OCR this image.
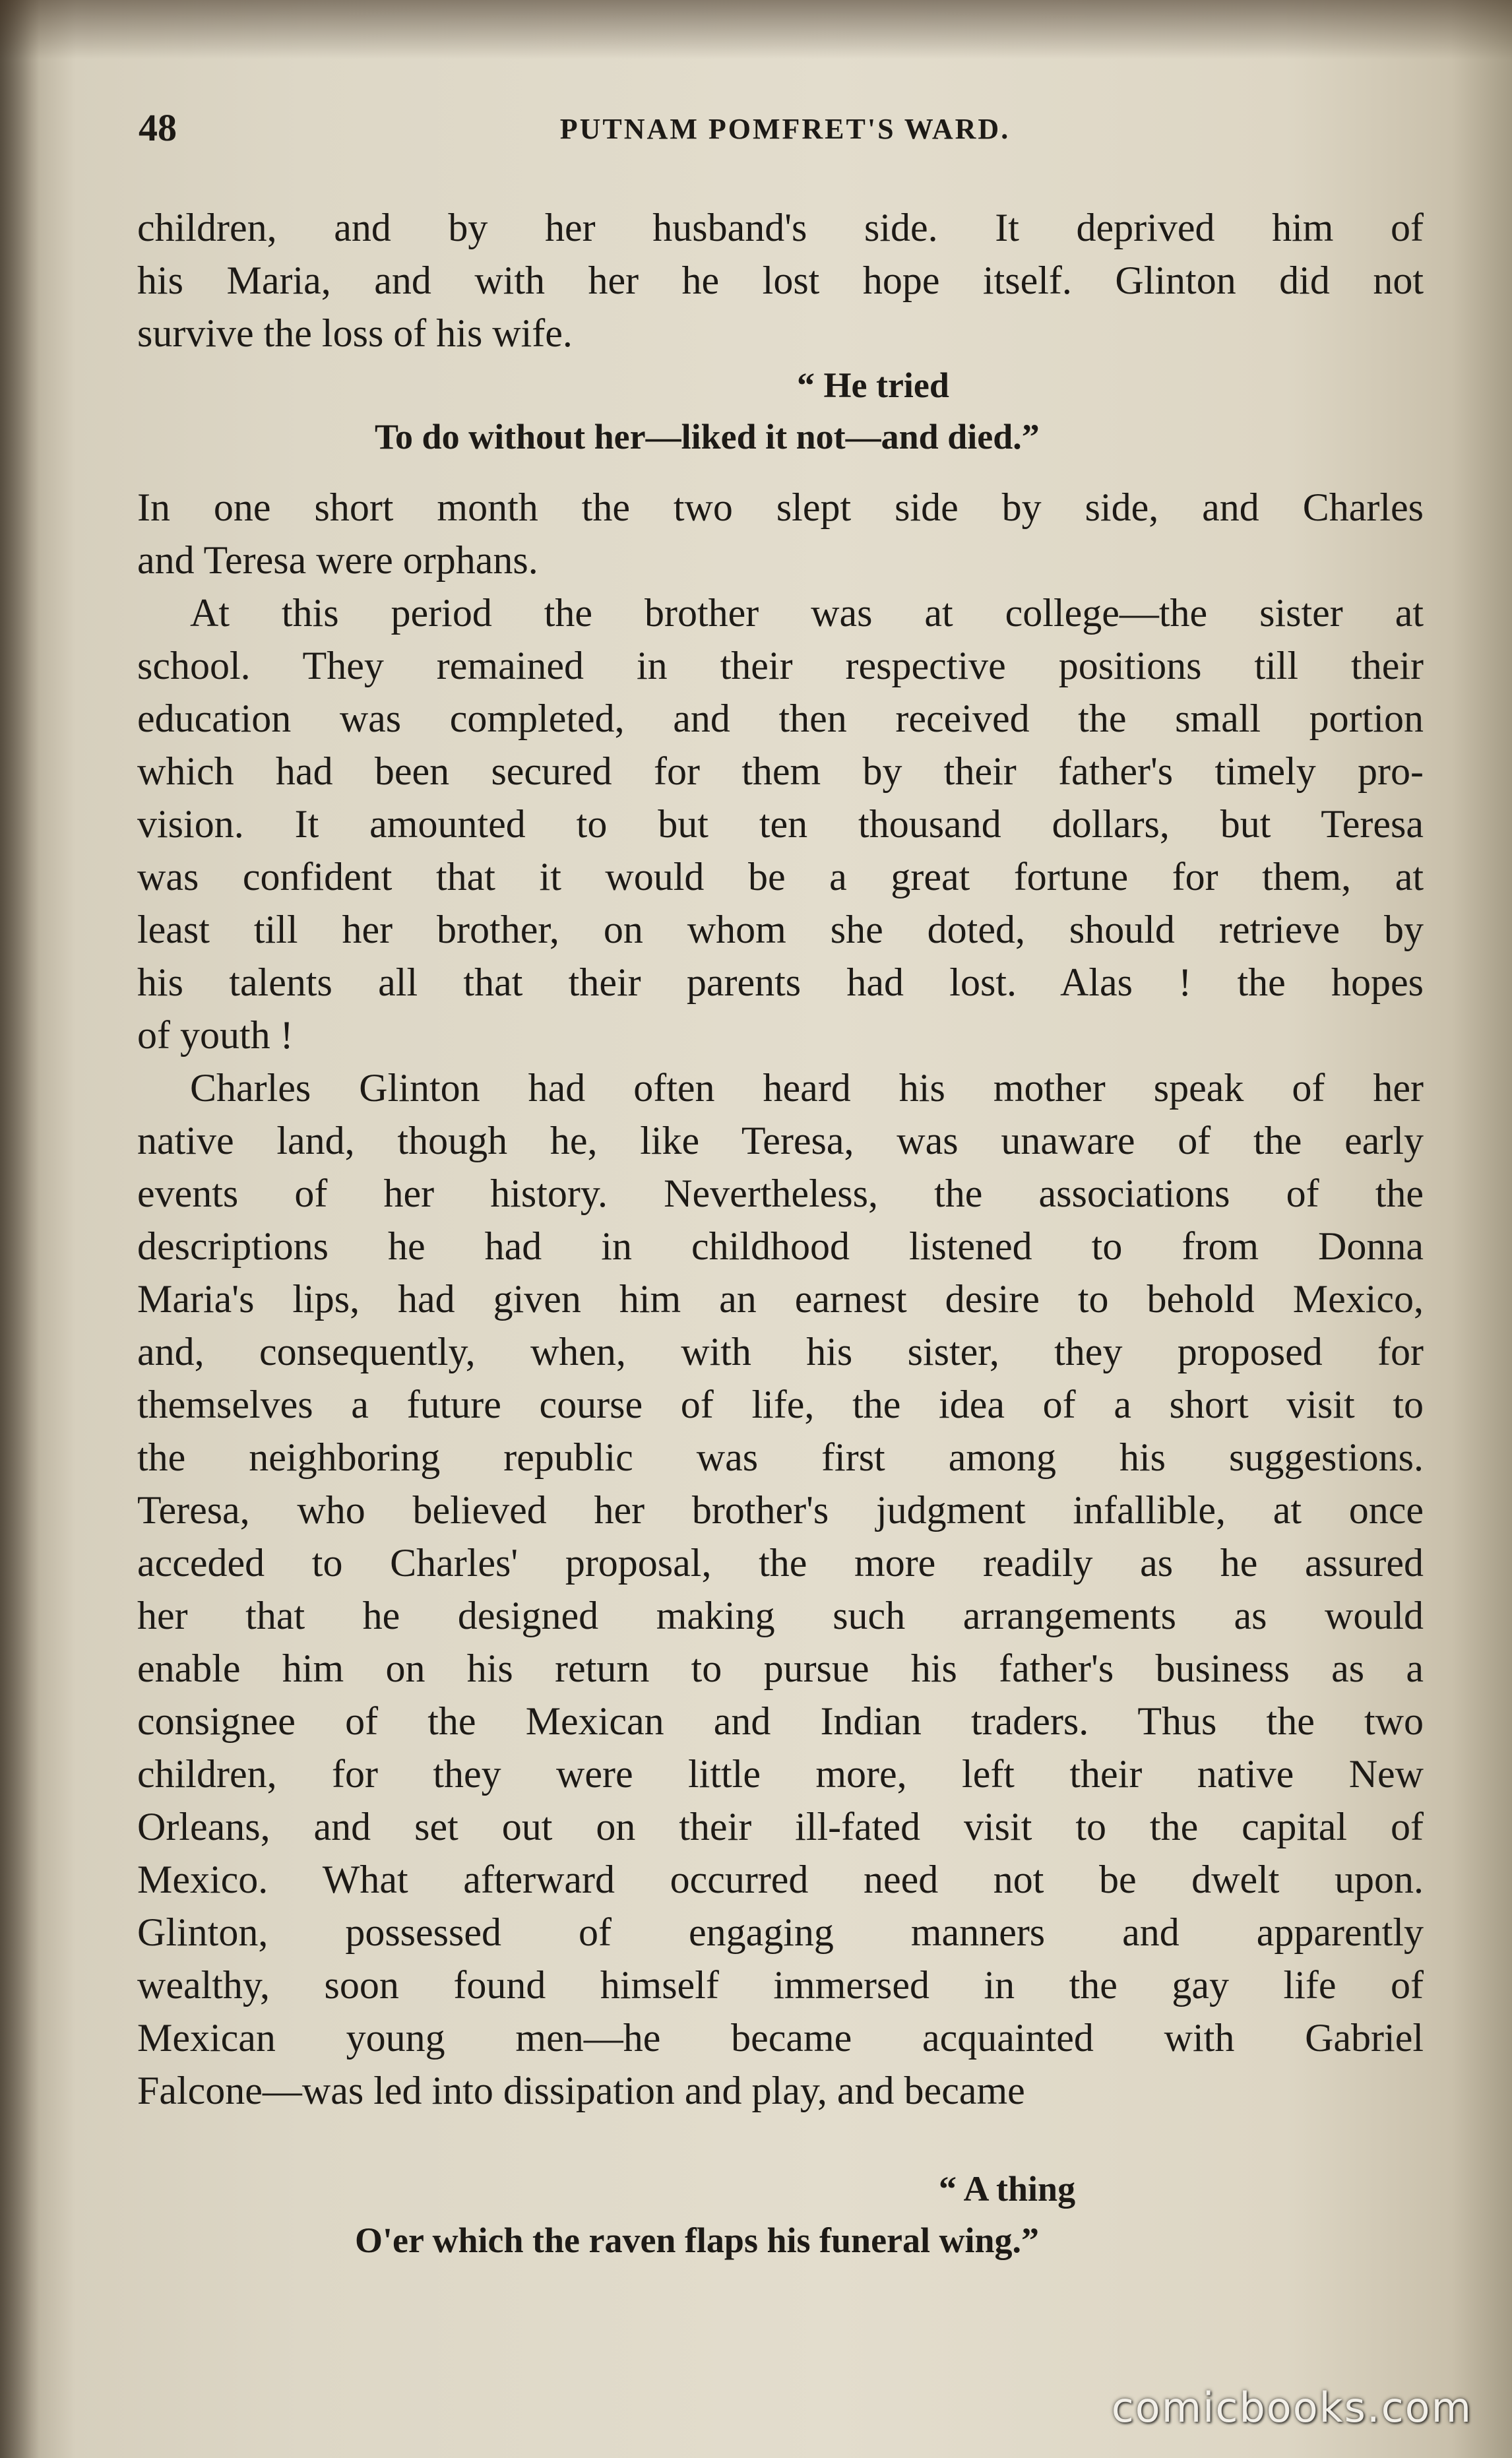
48	PUTNAM POMFRET'S WARD.
children, and by her husband's side. It deprived him of
his Maria, and with her he lost hope itself. Glinton did not
survive the loss of his wife.
“ He tried
To do without her—liked it not—and died.”
In one short month the two slept side by side, and Charles
and Teresa were orphans.
At this period the brother was at college—the sister at
school. They remained in their respective positions till their
education was completed, and then received the small portion
which had been secured for them by their father's timely pro-
vision. It amounted to but ten thousand dollars, but Teresa
was confident that it would be a great fortune for them, at
least till her brother, on whom she doted, should retrieve by
his talents all that their parents had lost. Alas ! the hopes
of youth !
Charles Glinton had often heard his mother speak of her
native land, though he, like Teresa, was unaware of the early
events of her history. Nevertheless, the associations of the
descriptions he had in childhood listened to from Donna
Maria's lips, had given him an earnest desire to behold Mexico,
and, consequently, when, with his sister, they proposed for
themselves a future course of life, the idea of a short visit to
the neighboring republic was first among his suggestions.
Teresa, who believed her brother's judgment infallible, at once
acceded to Charles' proposal, the more readily as he assured
her that he designed making such arrangements as would
enable him on his return to pursue his father's business as a
consignee of the Mexican and Indian traders. Thus the two
children, for they were little more, left their native New
Orleans, and set out on their ill-fated visit to the capital of
Mexico. What afterward occurred need not be dwelt upon.
Glinton, possessed of engaging manners and apparently
wealthy, soon found himself immersed in the gay life of
Mexican young men—he became acquainted with Gabriel
Falcone—was led into dissipation and play, and became
“ A thing
O'er which the raven flaps his funeral wing.”
comicbooks.com
